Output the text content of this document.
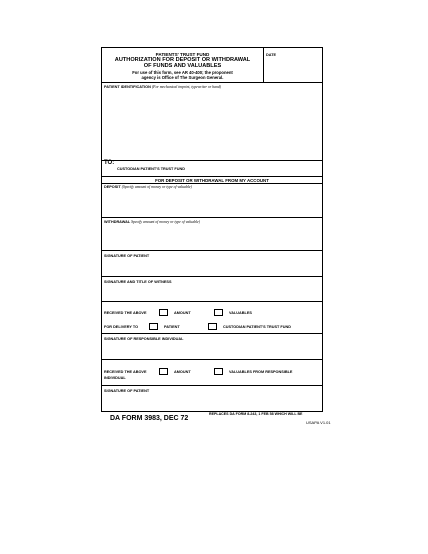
PATIENTS' TRUST FUND
AUTHORIZATION FOR DEPOSIT OR WITHDRAWAL
OF FUNDS AND VALUABLES
For use of this form, see AR 40-400; the proponent
agency is Office of The Surgeon General.
DATE
PATIENT IDENTIFICATION (For mechanical imprint, typewriter or hand)
TO:
CUSTODIAN PATIENT'S TRUST FUND
FOR DEPOSIT OR WITHDRAWAL FROM MY ACCOUNT
DEPOSIT (Specify amount of money or type of valuable)
WITHDRAWAL Specify amount of money or type of valuable)
SIGNATURE OF PATIENT
SIGNATURE AND TITLE OF WITNESS
RECEIVED THE ABOVE	AMOUNT	VALUABLES
FOR DELIVERY TO	PATIENT	CUSTODIAN PATIENT'S TRUST FUND
SIGNATURE OF RESPONSIBLE INDIVIDUAL
RECEIVED THE ABOVE	AMOUNT	VALUABLES FROM RESPONSIBLE
INDIVIDUAL
SIGNATURE OF PATIENT
DA FORM 3983, DEC 72
REPLACES DA FORM 8-243, 1 FEB 58 WHICH WILL BE
USAPA V1.01
